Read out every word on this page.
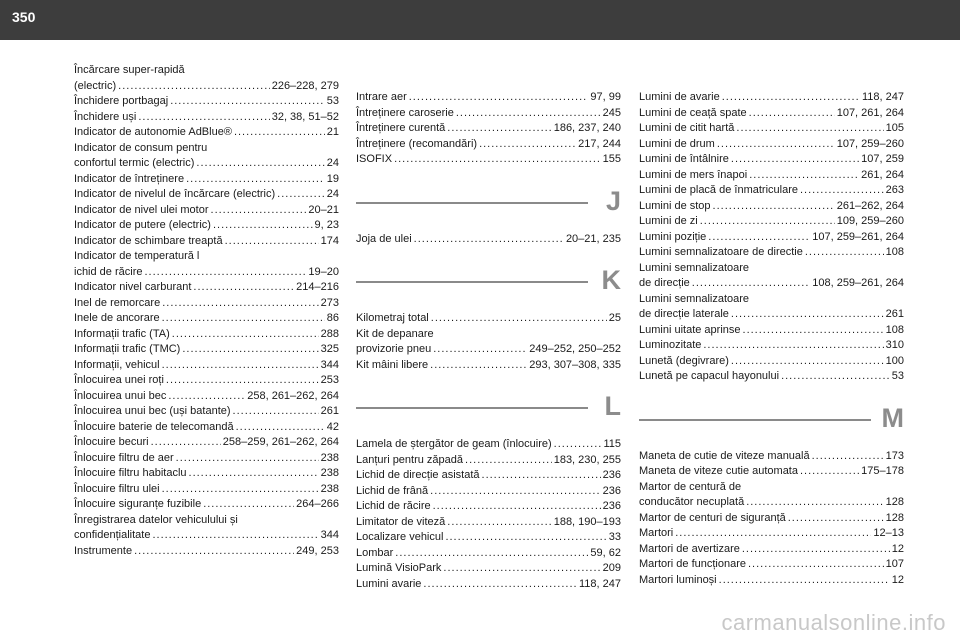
350
Încărcare super-rapidă
(electric) .....	226–228, 279
Închidere portbagaj .....	53
Închidere uși .....	32, 38, 51–52
Indicator de autonomie AdBlue® .....	21
Indicator de consum pentru
confortul termic (electric) .....	24
Indicator de întreținere .....	19
Indicator de nivelul de încărcare (electric) .....	24
Indicator de nivel ulei motor .....	20–21
Indicator de putere (electric) .....	9, 23
Indicator de schimbare treaptă .....	174
Indicator de temperatură l
ichid de răcire .....	19–20
Indicator nivel carburant .....	214–216
Inel de remorcare .....	273
Inele de ancorare .....	86
Informații trafic (TA) .....	288
Informații trafic (TMC) .....	325
Informații, vehicul .....	344
Înlocuirea unei roți .....	253
Înlocuirea unui bec .....	258, 261–262, 264
Înlocuirea unui bec (uși batante) .....	261
Înlocuire baterie de telecomandă .....	42
Înlocuire becuri .....	258–259, 261–262, 264
Înlocuire filtru de aer .....	238
Înlocuire filtru habitaclu .....	238
Înlocuire filtru ulei .....	238
Înlocuire siguranțe fuzibile .....	264–266
Înregistrarea datelor vehiculului și
confidențialitate .....	344
Instrumente .....	249, 253
Intrare aer .....	97, 99
Întreținere caroserie .....	245
Întreținere curentă .....	186, 237, 240
Întreținere (recomandări) .....	217, 244
ISOFIX .....	155
J
Joja de ulei .....	20–21, 235
K
Kilometraj total .....	25
Kit de depanare
provizorie pneu .....	249–252, 250–252
Kit mâini libere .....	293, 307–308, 335
L
Lamela de ștergător de geam (înlocuire) .....	115
Lanțuri pentru zăpadă .....	183, 230, 255
Lichid de direcție asistată .....	236
Lichid de frână .....	236
Lichid de răcire .....	236
Limitator de viteză .....	188, 190–193
Localizare vehicul .....	33
Lombar .....	59, 62
Lumină VisioPark .....	209
Lumini avarie .....	118, 247
Lumini de avarie .....	118, 247
Lumini de ceață spate .....	107, 261, 264
Lumini de citit hartă .....	105
Lumini de drum .....	107, 259–260
Lumini de întâlnire .....	107, 259
Lumini de mers înapoi .....	261, 264
Lumini de placă de înmatriculare .....	263
Lumini de stop .....	261–262, 264
Lumini de zi .....	109, 259–260
Lumini poziție .....	107, 259–261, 264
Lumini semnalizatoare de directie .....	108
Lumini semnalizatoare
de direcție .....	108, 259–261, 264
Lumini semnalizatoare
de direcție laterale .....	261
Lumini uitate aprinse .....	108
Luminozitate .....	310
Lunetă (degivrare) .....	100
Lunetă pe capacul hayonului .....	53
M
Maneta de cutie de viteze manuală .....	173
Maneta de viteze cutie automata .....	175–178
Martor de centură de
conducător necuplată .....	128
Martor de centuri de siguranță .....	128
Martori .....	12–13
Martori de avertizare .....	12
Martori de funcționare .....	107
Martori luminoși .....	12
carmanualsonline.info
